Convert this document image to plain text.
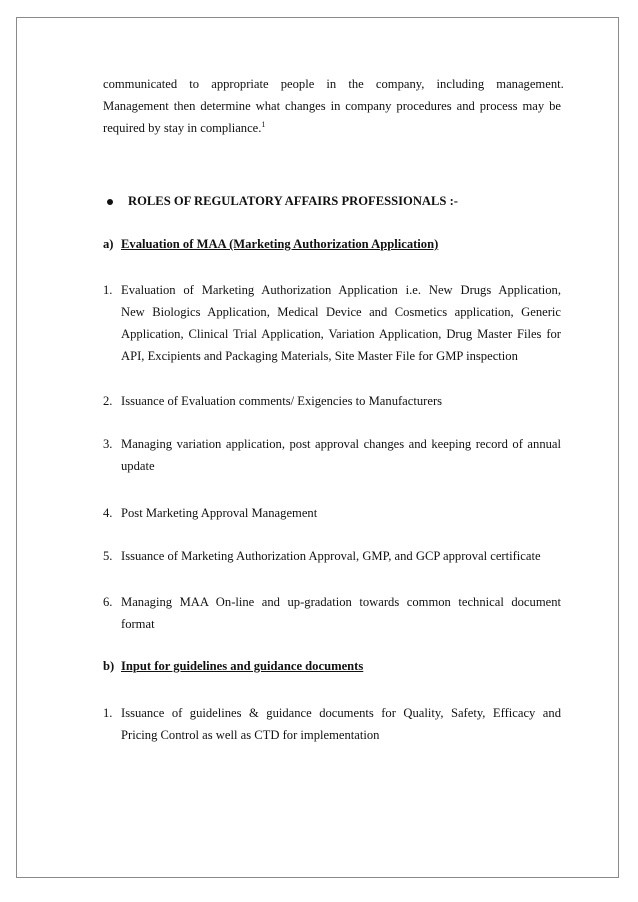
communicated to appropriate people in the company, including management.
Management then determine what changes in company procedures and process may be
required by stay in compliance.$^1$
ROLES OF REGULATORY AFFAIRS PROFESSIONALS :-
a) Evaluation of MAA (Marketing Authorization Application)
1. Evaluation of Marketing Authorization Application i.e. New Drugs Application,
New Biologics Application, Medical Device and Cosmetics application, Generic
Application, Clinical Trial Application, Variation Application, Drug Master Files for
API, Excipients and Packaging Materials, Site Master File for GMP inspection
2. Issuance of Evaluation comments/ Exigencies to Manufacturers
3. Managing variation application, post approval changes and keeping record of annual
update
4. Post Marketing Approval Management
5. Issuance of Marketing Authorization Approval, GMP, and GCP approval certificate
6. Managing MAA On-line and up-gradation towards common technical document
format
b) Input for guidelines and guidance documents
1. Issuance of guidelines & guidance documents for Quality, Safety, Efficacy and
Pricing Control as well as CTD for implementation
